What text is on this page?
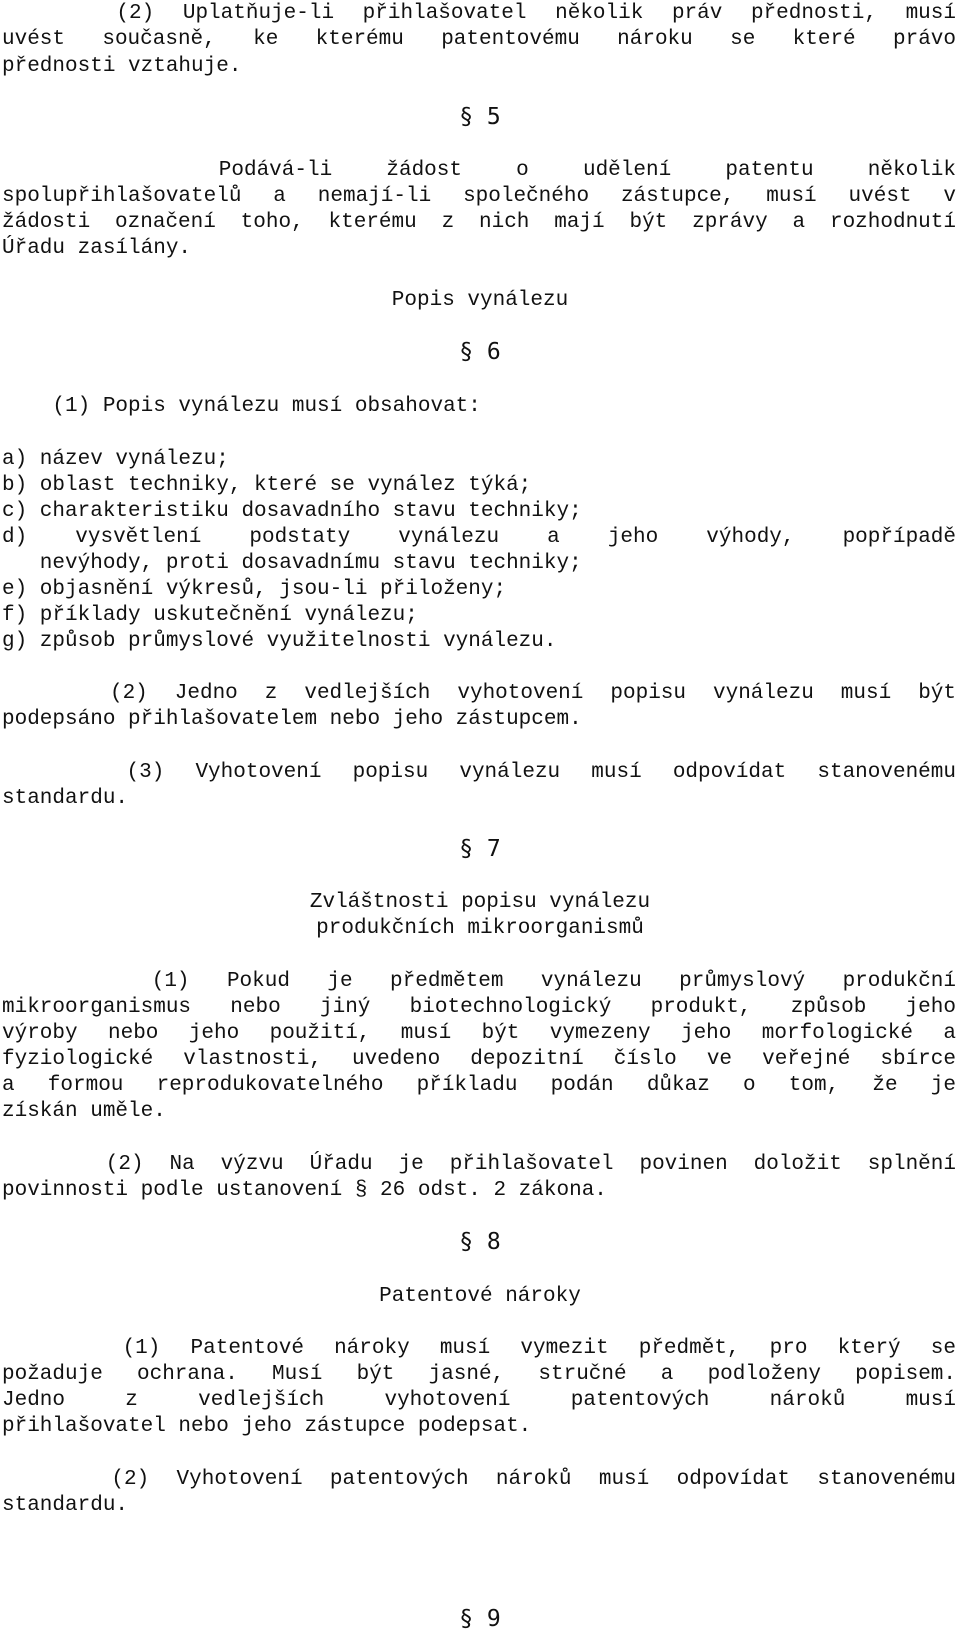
(2) Uplatňuje-li přihlašovatel několik práv přednosti, musí
uvést současně, ke kterému patentovému nároku se které právo
přednosti vztahuje.
§ 5
Podává-li žádost o udělení patentu několik
spolupřihlašovatelů a nemají-li společného zástupce, musí uvést v
žádosti označení toho, kterému z nich mají být zprávy a rozhodnutí
Úřadu zasílány.
Popis vynálezu
§ 6
(1) Popis vynálezu musí obsahovat:
a) název vynálezu;
b) oblast techniky, které se vynález týká;
c) charakteristiku dosavadního stavu techniky;
d) vysvětlení podstaty vynálezu a jeho výhody, popřípadě
nevýhody, proti dosavadnímu stavu techniky;
e) objasnění výkresů, jsou-li přiloženy;
f) příklady uskutečnění vynálezu;
g) způsob průmyslové využitelnosti vynálezu.
(2) Jedno z vedlejších vyhotovení popisu vynálezu musí být
podepsáno přihlašovatelem nebo jeho zástupcem.
(3) Vyhotovení popisu vynálezu musí odpovídat stanovenému
standardu.
§ 7
Zvláštnosti popisu vynálezu
produkčních mikroorganismů
(1) Pokud je předmětem vynálezu průmyslový produkční
mikroorganismus nebo jiný biotechnologický produkt, způsob jeho
výroby nebo jeho použití, musí být vymezeny jeho morfologické a
fyziologické vlastnosti, uvedeno depozitní číslo ve veřejné sbírce
a formou reprodukovatelného příkladu podán důkaz o tom, že je
získán uměle.
(2) Na výzvu Úřadu je přihlašovatel povinen doložit splnění
povinnosti podle ustanovení § 26 odst. 2 zákona.
§ 8
Patentové nároky
(1) Patentové nároky musí vymezit předmět, pro který se
požaduje ochrana. Musí být jasné, stručné a podloženy popisem.
Jedno z vedlejších vyhotovení patentových nároků musí
přihlašovatel nebo jeho zástupce podepsat.
(2) Vyhotovení patentových nároků musí odpovídat stanovenému
standardu.
§ 9
